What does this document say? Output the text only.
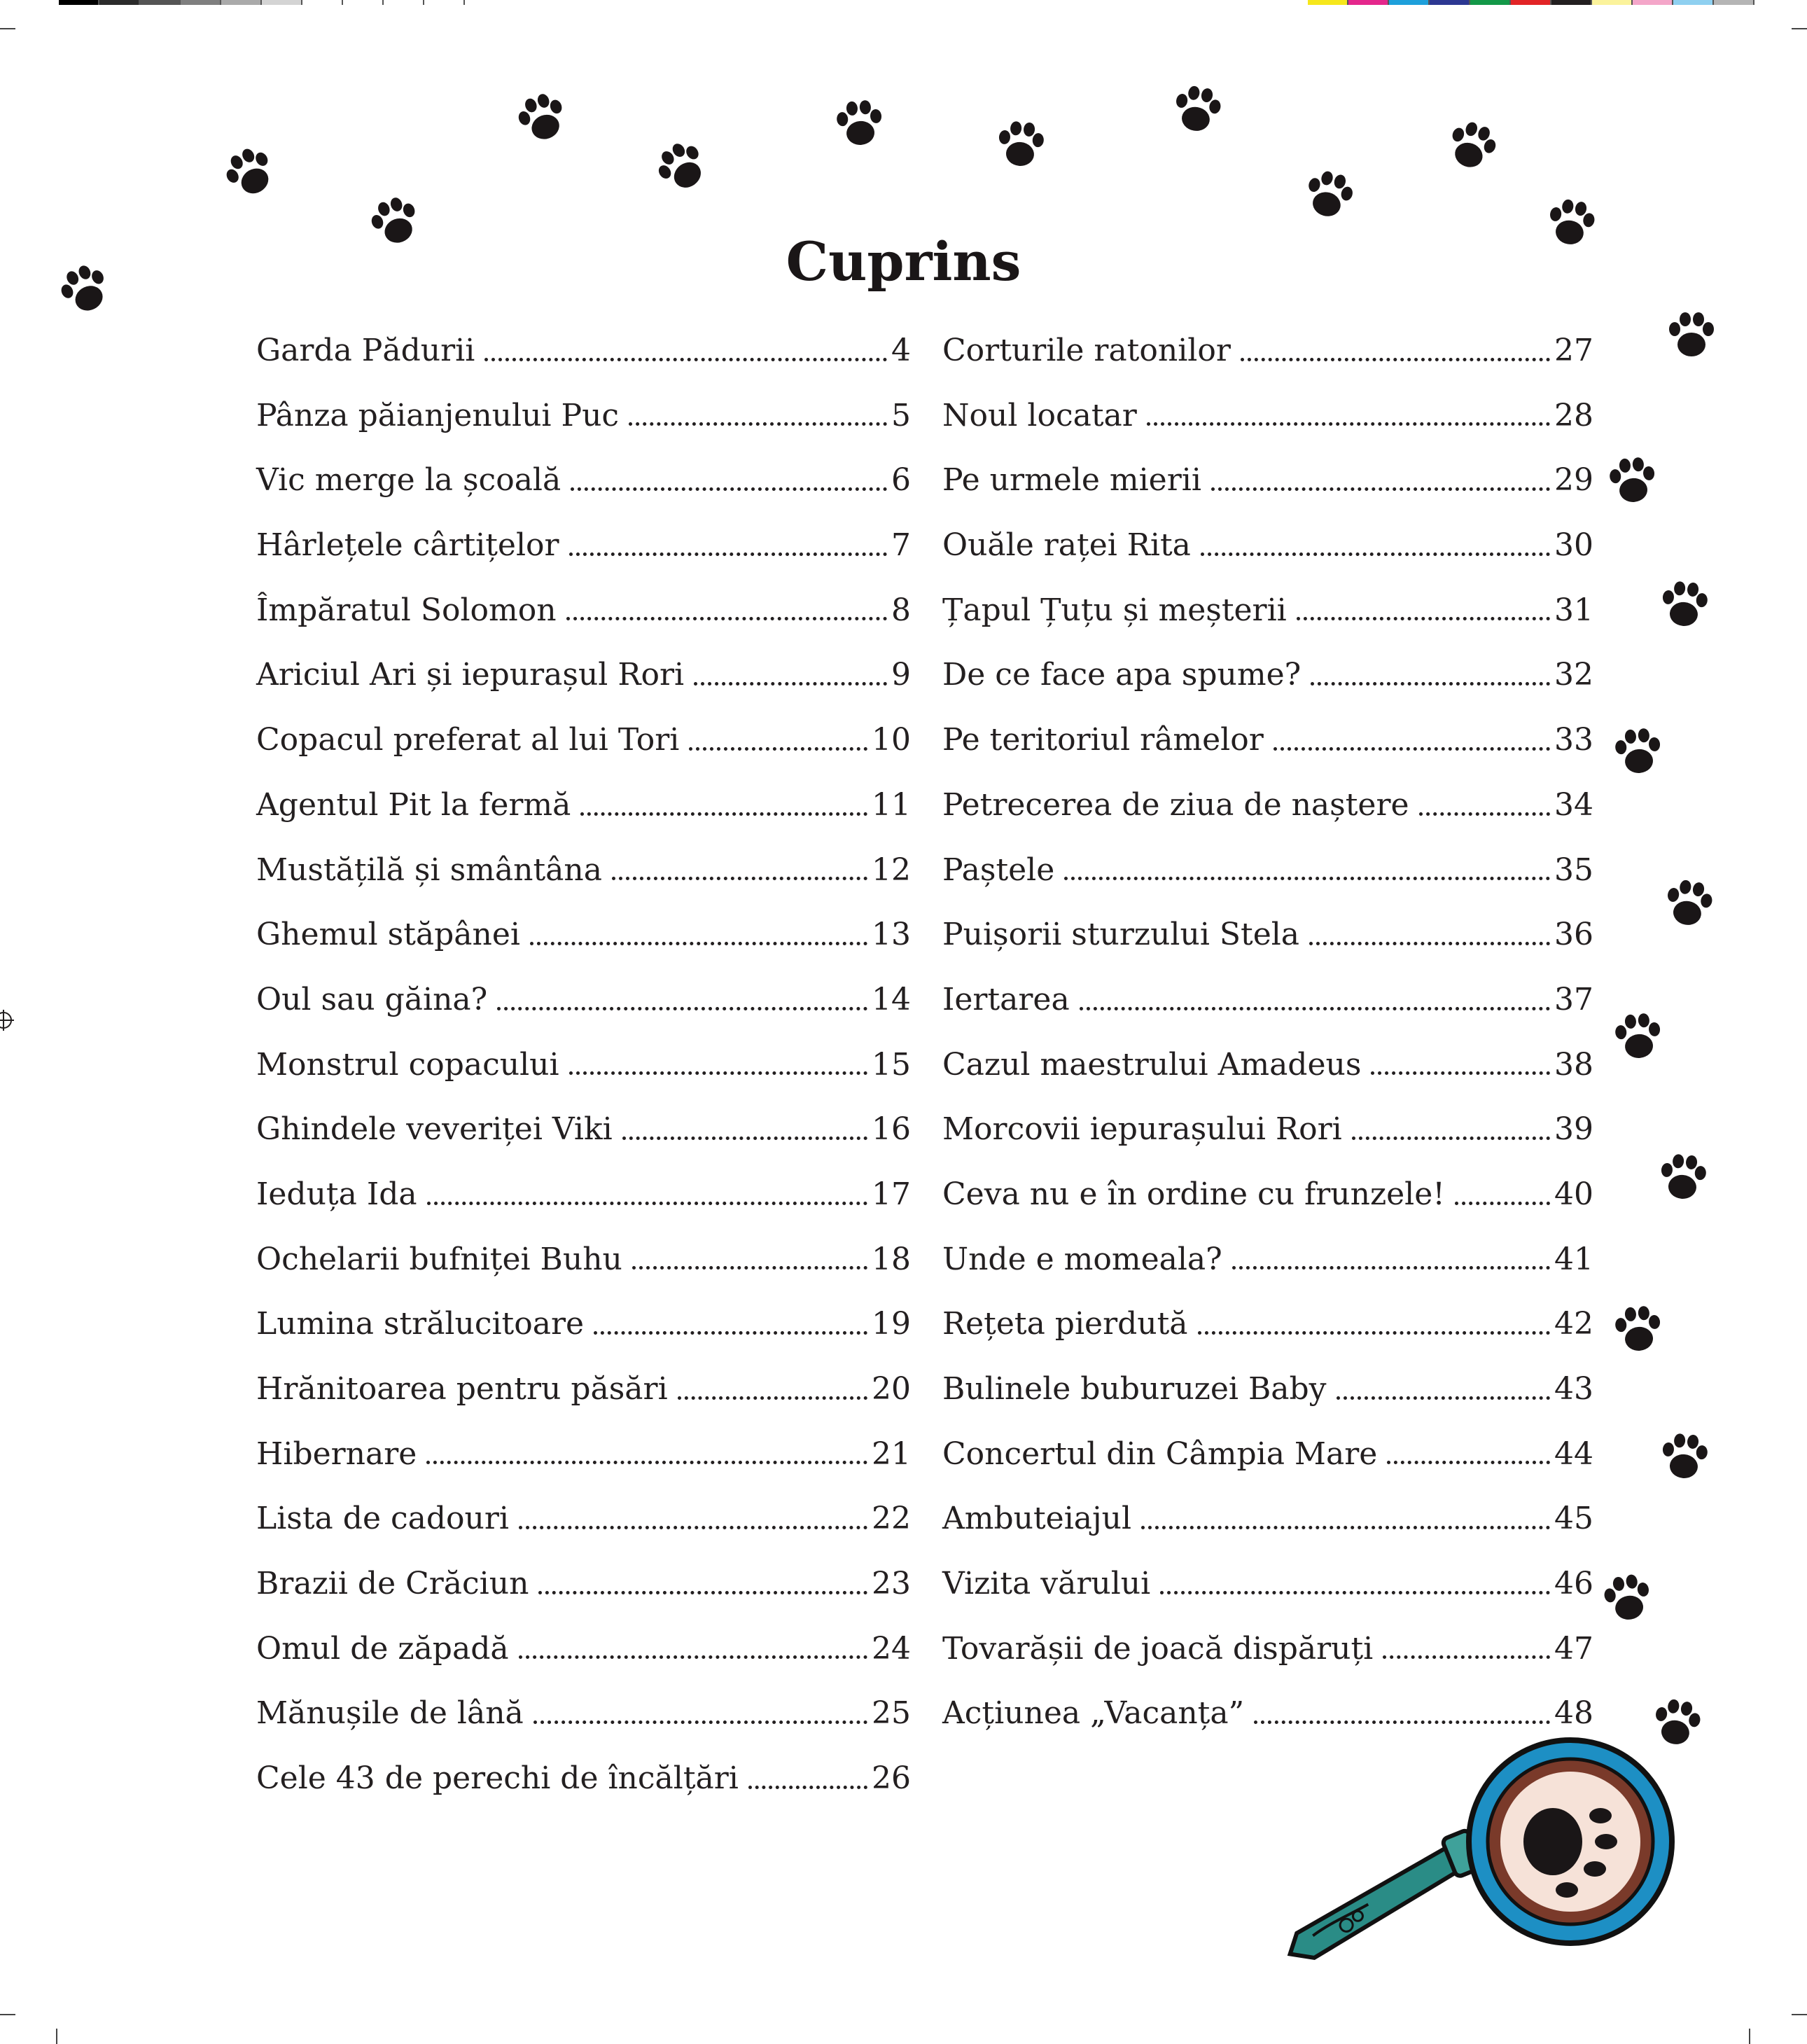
Cuprins
Garda Pădurii	4
Pânza păianjenului Puc	5
Vic merge la școală	6
Hârlețele cârtițelor	7
Împăratul Solomon	8
Ariciul Ari și iepurașul Rori	9
Copacul preferat al lui Tori	10
Agentul Pit la fermă	11
Mustățilă și smântâna	12
Ghemul stăpânei	13
Oul sau găina?	14
Monstrul copacului	15
Ghindele veveriței Viki	16
Ieduța Ida	17
Ochelarii bufniței Buhu	18
Lumina strălucitoare	19
Hrănitoarea pentru păsări	20
Hibernare	21
Lista de cadouri	22
Brazii de Crăciun	23
Omul de zăpadă	24
Mănușile de lână	25
Cele 43 de perechi de încălțări	26
Corturile ratonilor	27
Noul locatar	28
Pe urmele mierii	29
Ouăle raței Rita	30
Țapul Țuțu și meșterii	31
De ce face apa spume?	32
Pe teritoriul râmelor	33
Petrecerea de ziua de naștere	34
Paștele	35
Puișorii sturzului Stela	36
Iertarea	37
Cazul maestrului Amadeus	38
Morcovii iepurașului Rori	39
Ceva nu e în ordine cu frunzele!	40
Unde e momeala?	41
Rețeta pierdută	42
Bulinele buburuzei Baby	43
Concertul din Câmpia Mare	44
Ambuteiajul	45
Vizita vărului	46
Tovarășii de joacă dispăruți	47
Acțiunea „Vacanța”	48
